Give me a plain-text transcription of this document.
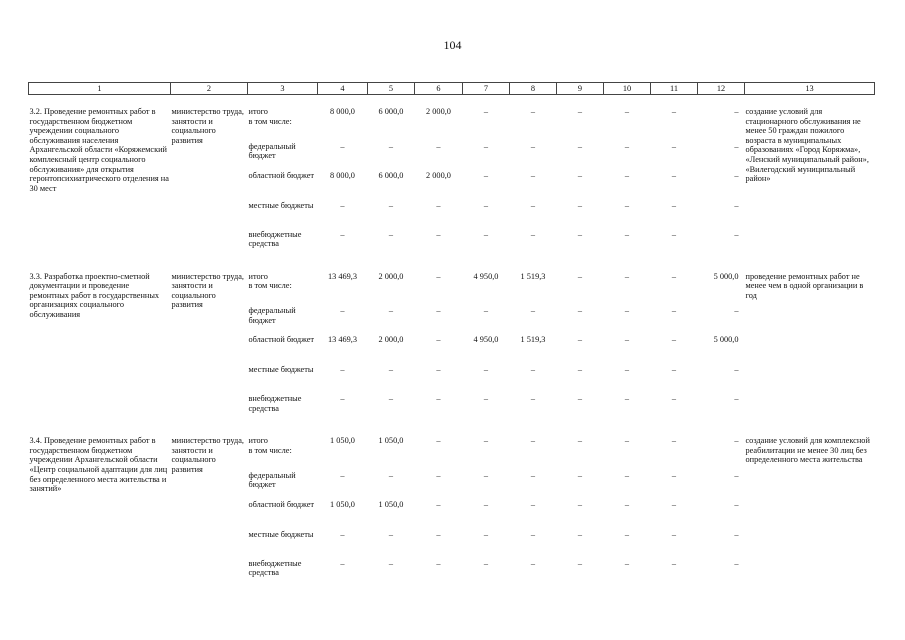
104
1	2	3	4	5	6	7	8	9	10	11	12	13
3.2. Проведение ремонтных работ в государственном бюджетном учреждении социального обслуживания населения Архангельской области «Коряжемский комплексный центр социального обслуживания» для открытия геронтопсихиатрического отделения на 30 мест	министерство труда, занятости и социального развития	итого	8 000,0	6 000,0	2 000,0	–	–	–	–	–	–	создание условий для стационарного обслуживания не менее 50 граждан пожилого возраста в муниципальных образованиях «Город Коряжма», «Ленский муниципальный район», «Вилегодский муниципальный район»
		в том числе:										
		федеральный бюджет	–	–	–	–	–	–	–	–	–	
		областной бюджет	8 000,0	6 000,0	2 000,0	–	–	–	–	–	–	
		местные бюджеты	–	–	–	–	–	–	–	–	–	
		внебюджетные средства	–	–	–	–	–	–	–	–	–	
3.3. Разработка проектно-сметной документации и проведение ремонтных работ в государственных организациях социального обслуживания	министерство труда, занятости и социального развития	итого	13 469,3	2 000,0	–	4 950,0	1 519,3	–	–	–	5 000,0	проведение ремонтных работ не менее чем в одной организации в год
		в том числе:										
		федеральный бюджет	–	–	–	–	–	–	–	–	–	
		областной бюджет	13 469,3	2 000,0	–	4 950,0	1 519,3	–	–	–	5 000,0	
		местные бюджеты	–	–	–	–	–	–	–	–	–	
		внебюджетные средства	–	–	–	–	–	–	–	–	–	
3.4. Проведение ремонтных работ в государственном бюджетном учреждении Архангельской области «Центр социальной адаптации для лиц без определенного места жительства и занятий»	министерство труда, занятости и социального развития	итого	1 050,0	1 050,0	–	–	–	–	–	–	–	создание условий для комплексной реабилитации не менее 30 лиц без определенного места жительства
		в том числе:										
		федеральный бюджет	–	–	–	–	–	–	–	–	–	
		областной бюджет	1 050,0	1 050,0	–	–	–	–	–	–	–	
		местные бюджеты	–	–	–	–	–	–	–	–	–	
		внебюджетные средства	–	–	–	–	–	–	–	–	–	
